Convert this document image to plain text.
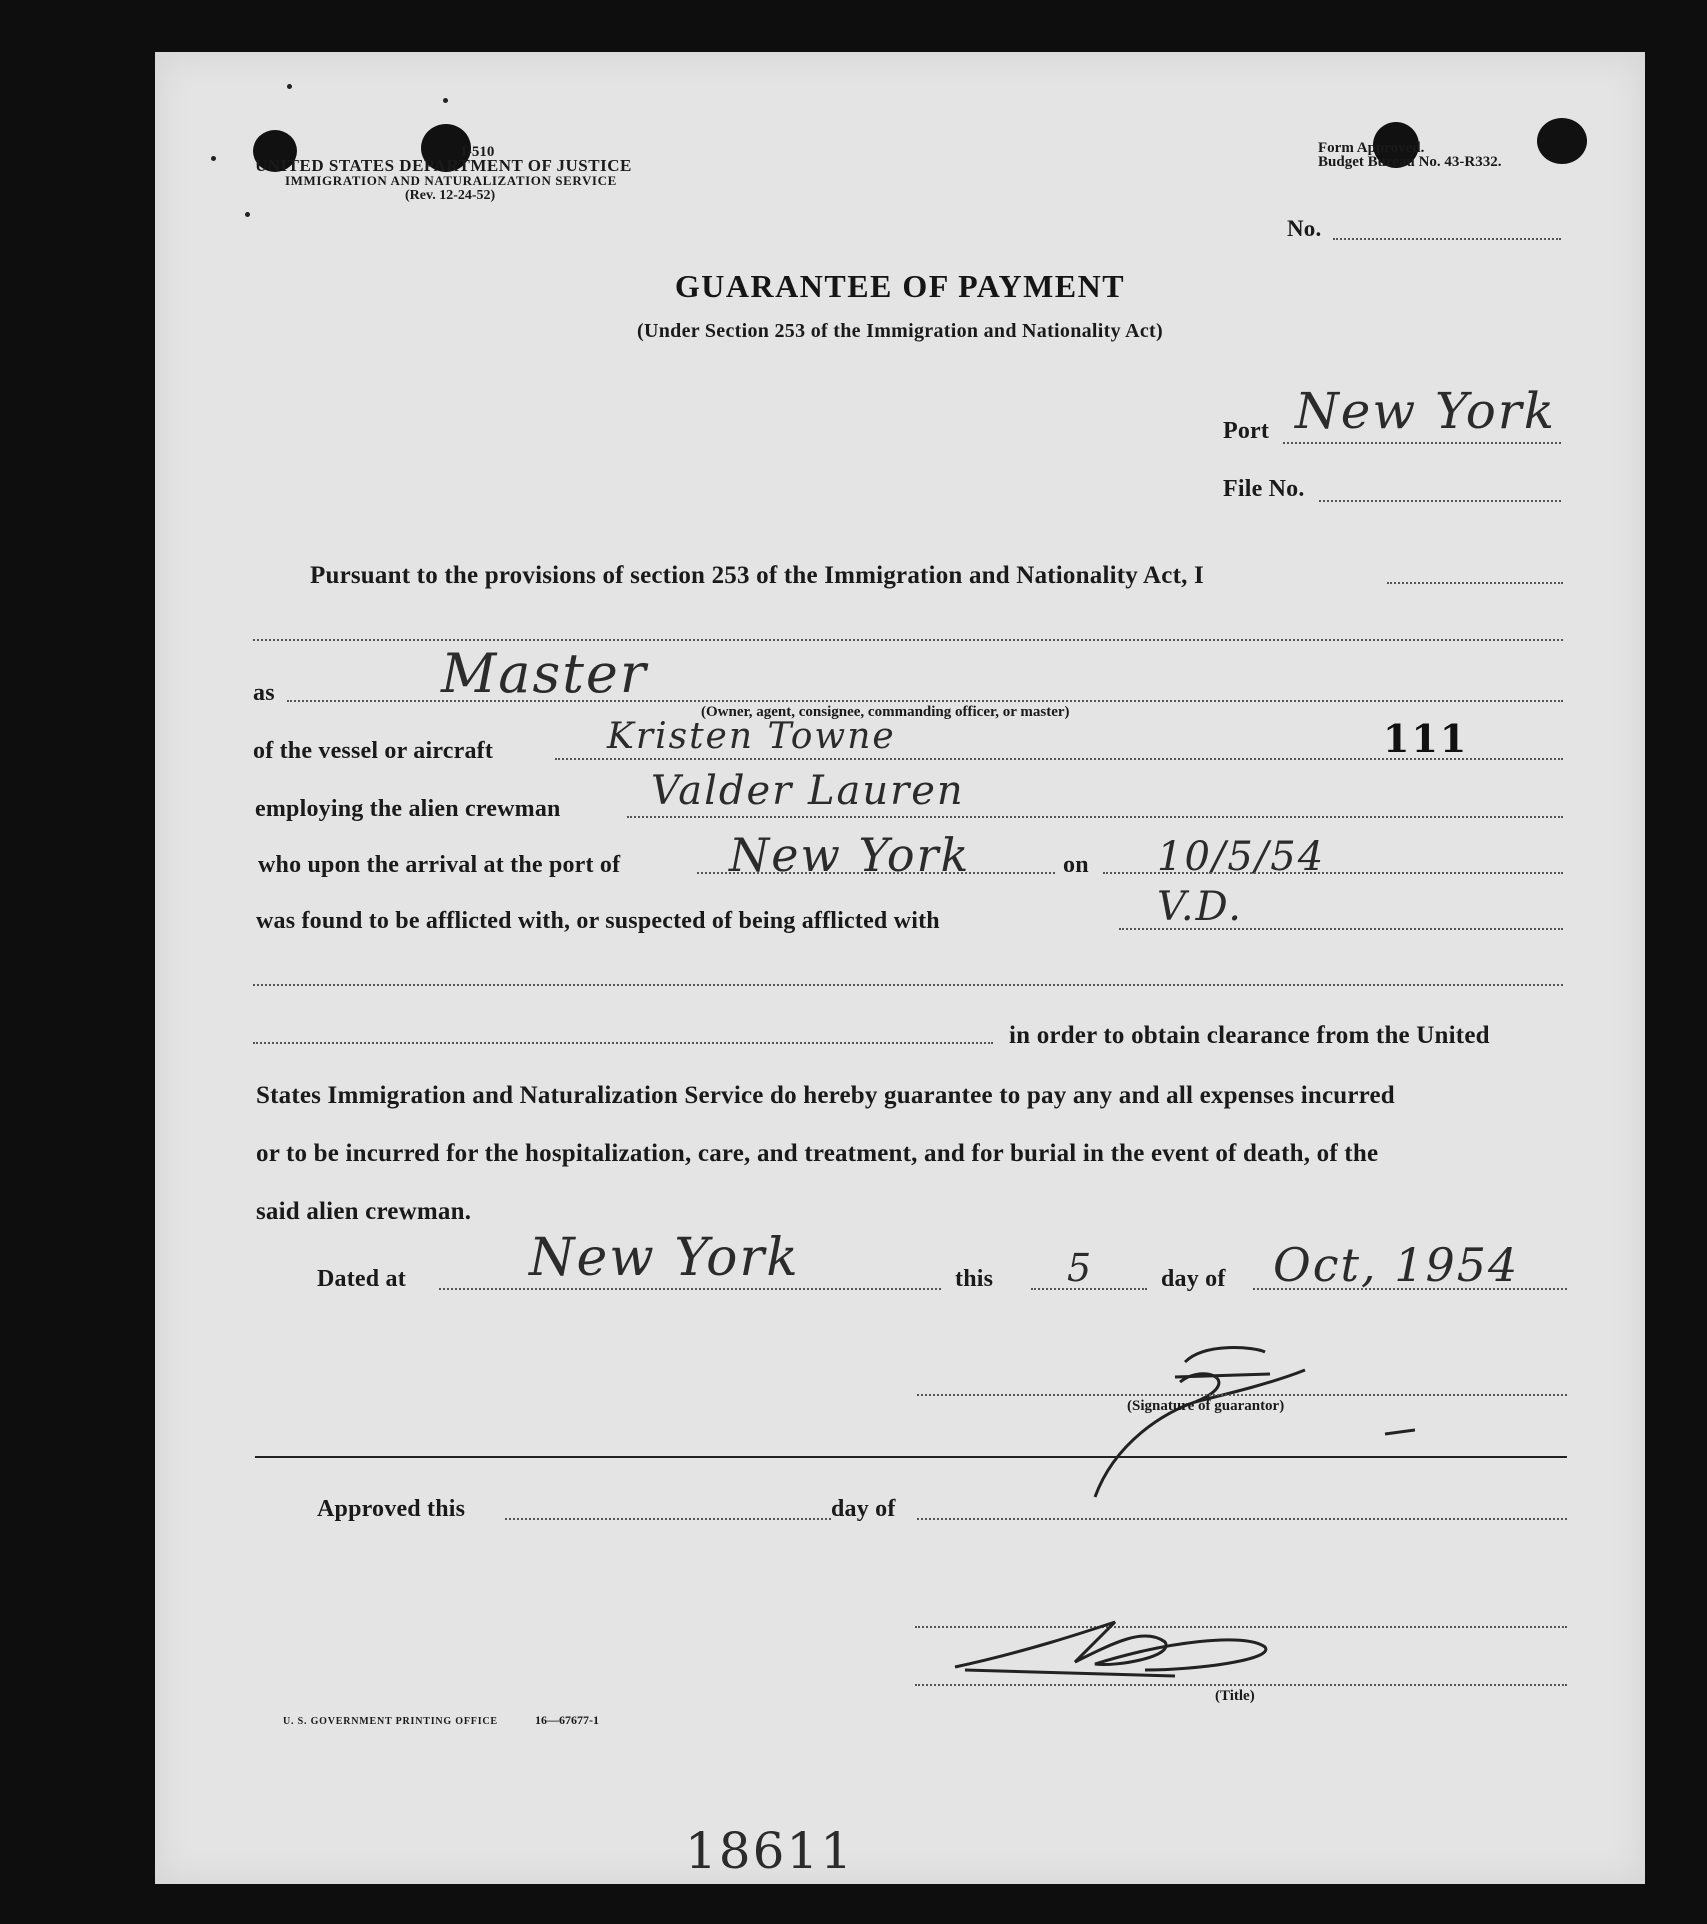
I-510
UNITED STATES DEPARTMENT OF JUSTICE
IMMIGRATION AND NATURALIZATION SERVICE
(Rev. 12-24-52)
Form Approved.
Budget Bureau No. 43-R332.
No.
GUARANTEE OF PAYMENT
(Under Section 253 of the Immigration and Nationality Act)
Port New York
File No.
Pursuant to the provisions of section 253 of the Immigration and Nationality Act, I
as	Master
(Owner, agent, consignee, commanding officer, or master)
of the vessel or aircraft	Kristen Towne	111
employing the alien crewman Valder Lauren
who upon the arrival at the port of New York	on 10/5/54
was found to be afflicted with, or suspected of being afflicted with	V.D.
in order to obtain clearance from the United
States Immigration and Naturalization Service do hereby guarantee to pay any and all expenses incurred
or to be incurred for the hospitalization, care, and treatment, and for burial in the event of death, of the
said alien crewman.
Dated at New York	this 5	day of Oct, 1954
(Signature of guarantor)
Approved this	day of
(Title)
U. S. GOVERNMENT PRINTING OFFICE	16—67677-1
18611
